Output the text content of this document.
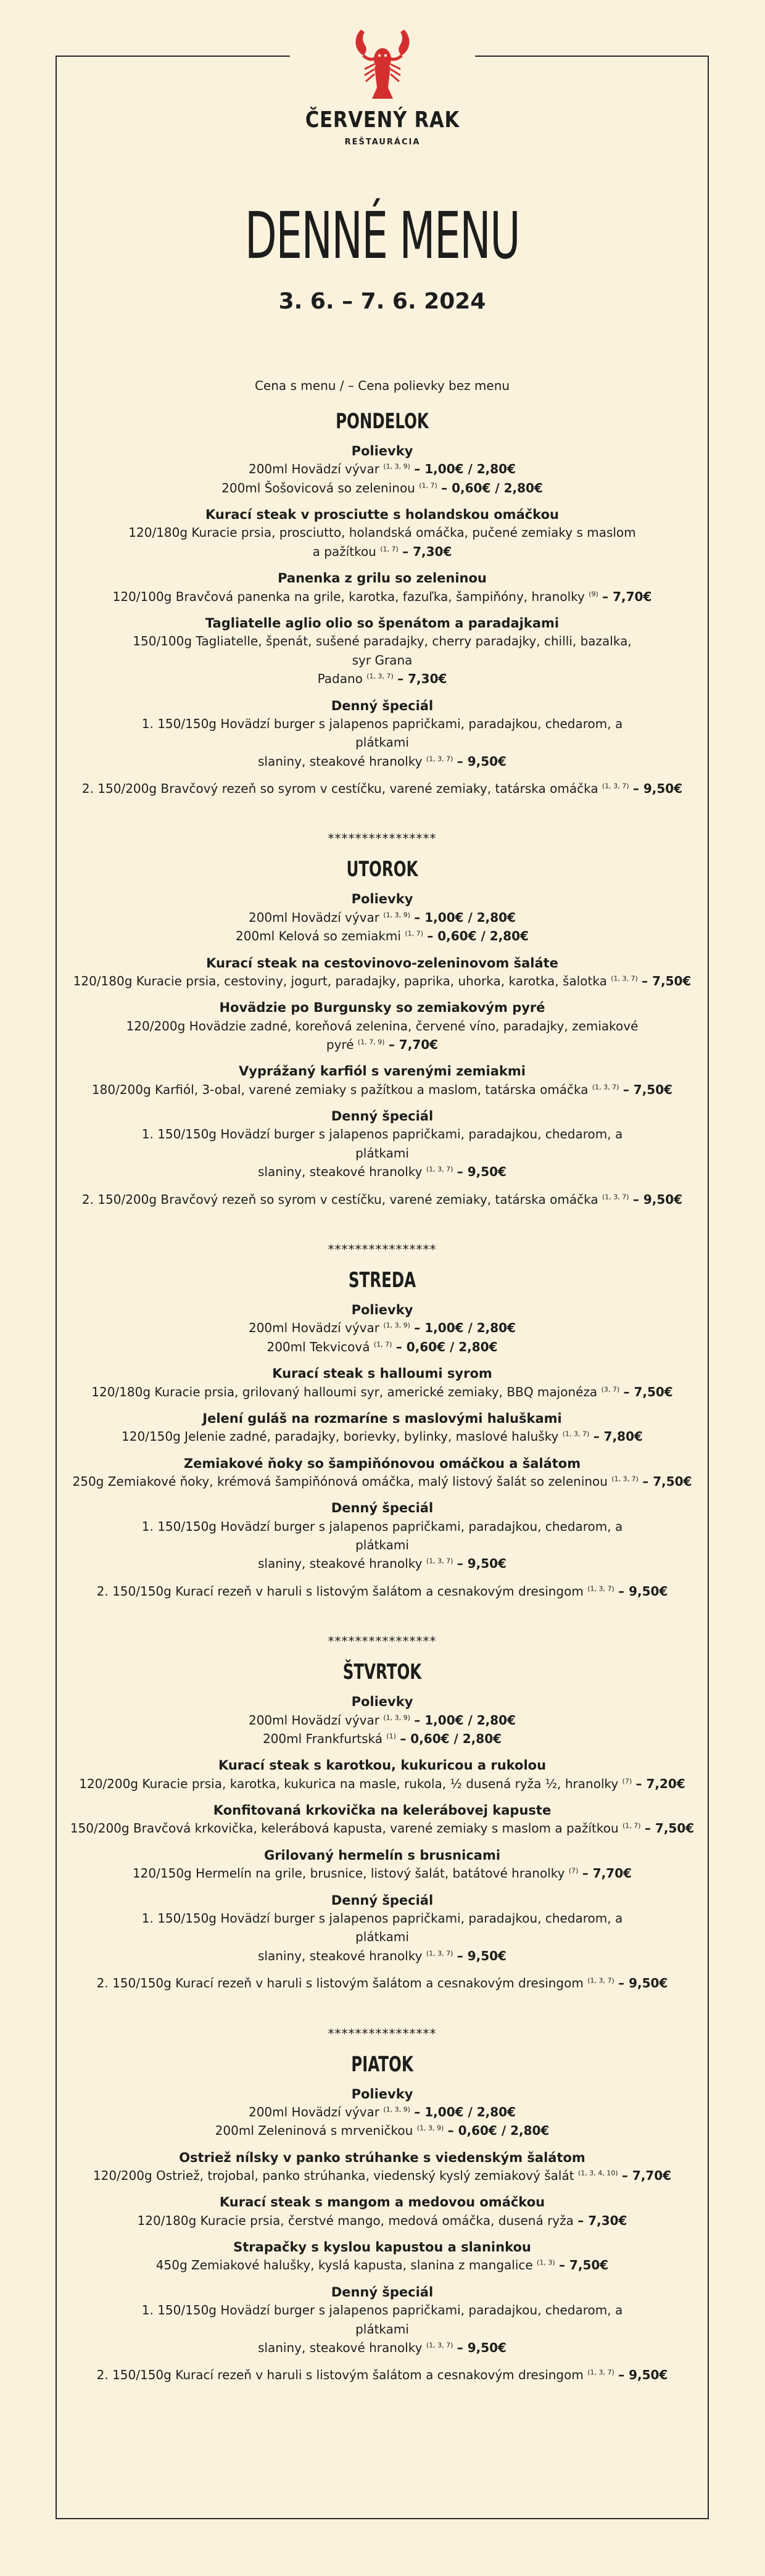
ČERVENÝ RAK
REŠTAURÁCIA
DENNÉ MENU
3. 6. – 7. 6. 2024
Cena s menu / – Cena polievky bez menu
PONDELOK
Polievky
200ml Hovädzí vývar $^{(1, 3, 9)}$ – 1,00€ / 2,80€
200ml Šošovicová so zeleninou $^{(1, 7)}$ – 0,60€ / 2,80€
Kurací steak v prosciutte s holandskou omáčkou
120/180g Kuracie prsia, prosciutto, holandská omáčka, pučené zemiaky s maslom
a pažítkou $^{(1, 7)}$ – 7,30€
Panenka z grilu so zeleninou
120/100g Bravčová panenka na grile, karotka, fazuľka, šampiňóny, hranolky $^{(9)}$ – 7,70€
Tagliatelle aglio olio so špenátom a paradajkami
150/100g Tagliatelle, špenát, sušené paradajky, cherry paradajky, chilli, bazalka, syr Grana
Padano $^{(1, 3, 7)}$ – 7,30€
Denný špeciál
1. 150/150g Hovädzí burger s jalapenos papričkami, paradajkou, chedarom, a plátkami
slaniny, steakové hranolky $^{(1, 3, 7)}$ – 9,50€
2. 150/200g Bravčový rezeň so syrom v cestíčku, varené zemiaky, tatárska omáčka $^{(1, 3, 7)}$ – 9,50€
****************
UTOROK
Polievky
200ml Hovädzí vývar $^{(1, 3, 9)}$ – 1,00€ / 2,80€
200ml Kelová so zemiakmi $^{(1, 7)}$ – 0,60€ / 2,80€
Kurací steak na cestovinovo-zeleninovom šaláte
120/180g Kuracie prsia, cestoviny, jogurt, paradajky, paprika, uhorka, karotka, šalotka $^{(1, 3, 7)}$ – 7,50€
Hovädzie po Burgunsky so zemiakovým pyré
120/200g Hovädzie zadné, koreňová zelenina, červené víno, paradajky, zemiakové
pyré $^{(1, 7, 9)}$ – 7,70€
Vyprážaný karfiól s varenými zemiakmi
180/200g Karfiól, 3-obal, varené zemiaky s pažítkou a maslom, tatárska omáčka $^{(1, 3, 7)}$ – 7,50€
Denný špeciál
1. 150/150g Hovädzí burger s jalapenos papričkami, paradajkou, chedarom, a plátkami
slaniny, steakové hranolky $^{(1, 3, 7)}$ – 9,50€
2. 150/200g Bravčový rezeň so syrom v cestíčku, varené zemiaky, tatárska omáčka $^{(1, 3, 7)}$ – 9,50€
****************
STREDA
Polievky
200ml Hovädzí vývar $^{(1, 3, 9)}$ – 1,00€ / 2,80€
200ml Tekvicová $^{(1, 7)}$ – 0,60€ / 2,80€
Kurací steak s halloumi syrom
120/180g Kuracie prsia, grilovaný halloumi syr, americké zemiaky, BBQ majonéza $^{(3, 7)}$ – 7,50€
Jelení guláš na rozmaríne s maslovými haluškami
120/150g Jelenie zadné, paradajky, borievky, bylinky, maslové halušky $^{(1, 3, 7)}$ – 7,80€
Zemiakové ňoky so šampiňónovou omáčkou a šalátom
250g Zemiakové ňoky, krémová šampiňónová omáčka, malý listový šalát so zeleninou $^{(1, 3, 7)}$ – 7,50€
Denný špeciál
1. 150/150g Hovädzí burger s jalapenos papričkami, paradajkou, chedarom, a plátkami
slaniny, steakové hranolky $^{(1, 3, 7)}$ – 9,50€
2. 150/150g Kurací rezeň v haruli s listovým šalátom a cesnakovým dresingom $^{(1, 3, 7)}$ – 9,50€
****************
ŠTVRTOK
Polievky
200ml Hovädzí vývar $^{(1, 3, 9)}$ – 1,00€ / 2,80€
200ml Frankfurtská $^{(1)}$ – 0,60€ / 2,80€
Kurací steak s karotkou, kukuricou a rukolou
120/200g Kuracie prsia, karotka, kukurica na masle, rukola, ½ dusená ryža ½, hranolky $^{(7)}$ – 7,20€
Konfitovaná krkovička na kelerábovej kapuste
150/200g Bravčová krkovička, kelerábová kapusta, varené zemiaky s maslom a pažítkou $^{(1, 7)}$ – 7,50€
Grilovaný hermelín s brusnicami
120/150g Hermelín na grile, brusnice, listový šalát, batátové hranolky $^{(7)}$ – 7,70€
Denný špeciál
1. 150/150g Hovädzí burger s jalapenos papričkami, paradajkou, chedarom, a plátkami
slaniny, steakové hranolky $^{(1, 3, 7)}$ – 9,50€
2. 150/150g Kurací rezeň v haruli s listovým šalátom a cesnakovým dresingom $^{(1, 3, 7)}$ – 9,50€
****************
PIATOK
Polievky
200ml Hovädzí vývar $^{(1, 3, 9)}$ – 1,00€ / 2,80€
200ml Zeleninová s mrveničkou $^{(1, 3, 9)}$ – 0,60€ / 2,80€
Ostriež nílsky v panko strúhanke s viedenským šalátom
120/200g Ostriež, trojobal, panko strúhanka, viedenský kyslý zemiakový šalát $^{(1, 3, 4, 10)}$ – 7,70€
Kurací steak s mangom a medovou omáčkou
120/180g Kuracie prsia, čerstvé mango, medová omáčka, dusená ryža – 7,30€
Strapačky s kyslou kapustou a slaninkou
450g Zemiakové halušky, kyslá kapusta, slanina z mangalice $^{(1, 3)}$ – 7,50€
Denný špeciál
1. 150/150g Hovädzí burger s jalapenos papričkami, paradajkou, chedarom, a plátkami
slaniny, steakové hranolky $^{(1, 3, 7)}$ – 9,50€
2. 150/150g Kurací rezeň v haruli s listovým šalátom a cesnakovým dresingom $^{(1, 3, 7)}$ – 9,50€
